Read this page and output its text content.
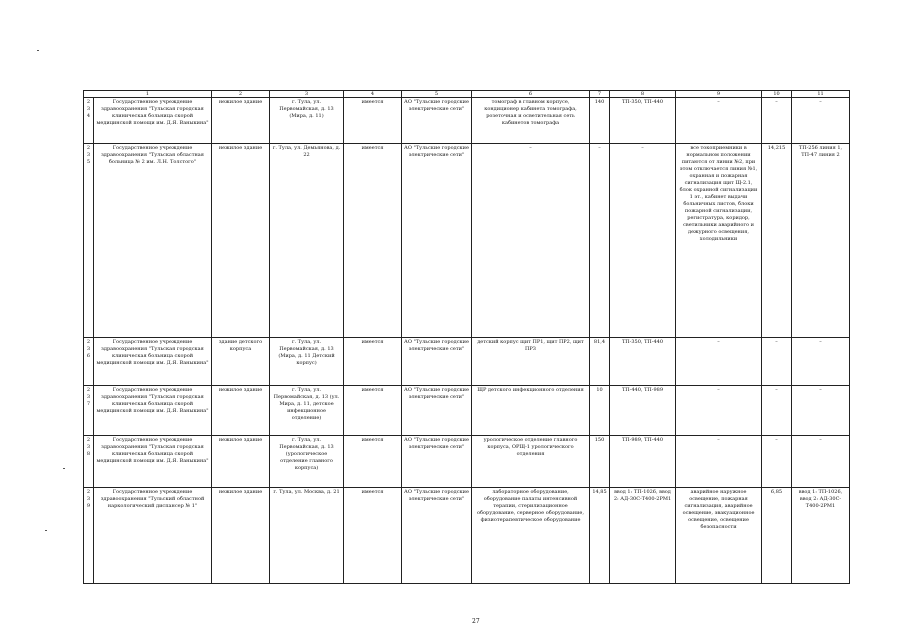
1		2	3	4	5	6	7	8	9	10	11
234	Государственное учреждение здравоохранения "Тульская городская клиническая больница скорой медицинской помощи им. Д.Я. Ваныкина"	нежилое здание	г. Тула, ул. Первомайская, д. 13 (Мира, д. 11)	имеется	АО "Тульские городские электрические сети"	томограф в главном корпусе, кондиционер кабинета томографа, розеточная и осветительная сеть кабинетов томографа	140	ТП-350, ТП-440	–	–	–
235	Государственное учреждение здравоохранения "Тульская областная больница № 2 им. Л.Н. Толстого"	нежилое здание	г. Тула, ул. Демьянова, д. 22	имеется	АО "Тульские городские электрические сети"	–	–	–	все токоприемники в нормальном положении питаются от линии №2, при этом отключается линия №1, охранная и пожарная сигнализация щит Щ-2.1, блок охранной сигнализации 1 эт., кабинет выдачи больничных листов, блоки пожарной сигнализации, регистратура, коридор, светильники аварийного и дежурного освещения, холодильники	14,215	ТП-256 линия 1, ТП-47 линия 2
236	Государственное учреждение здравоохранения "Тульская городская клиническая больница скорой медицинской помощи им. Д.Я. Ваныкина"	здание детского корпуса	г. Тула, ул. Первомайская, д. 13 (Мира, д. 11 Детский корпус)	имеется	АО "Тульские городские электрические сети"	детский корпус щит ПР1, щит ПР2, щит ПР3	81,4	ТП-350, ТП-440	–	–	–
237	Государственное учреждение здравоохранения "Тульская городская клиническая больница скорой медицинской помощи им. Д.Я. Ваныкина"	нежилое здание	г. Тула, ул. Первомайская, д. 13 (ул. Мира, д. 11, детское инфекционное отделение)	имеется	АО "Тульские городские электрические сети"	ЩР детского инфекционного отделения	10	ТП-440, ТП-989	–	–	–
238	Государственное учреждение здравоохранения "Тульская городская клиническая больница скорой медицинской помощи им. Д.Я. Ваныкина"	нежилое здание	г. Тула, ул. Первомайская, д. 13 (урологическое отделение главного корпуса)	имеется	АО "Тульские городские электрические сети"	урологическое отделение главного корпуса, ОРЩ-1 урологического отделения	150	ТП-989, ТП-440	–	–	–
239	Государственное учреждение здравоохранения "Тульский областной наркологический диспансер № 1"	нежилое здание	г. Тула, ул. Москва, д. 21	имеется	АО "Тульские городские электрические сети"	лабораторное оборудование, оборудование палаты интенсивной терапии, стерилизационное оборудование, серверное оборудование, физиотерапевтическое оборудование	14,85	ввод 1: ТП-1026, ввод 2: АД-30С-Т400-2РМ1	аварийное наружное освещение, пожарная сигнализация, аварийное освещение, эвакуационное освещение, освещение безопасности	6,85	ввод 1: ТП-1026, ввод 2: АД-30С-Т400-2РМ1
27
